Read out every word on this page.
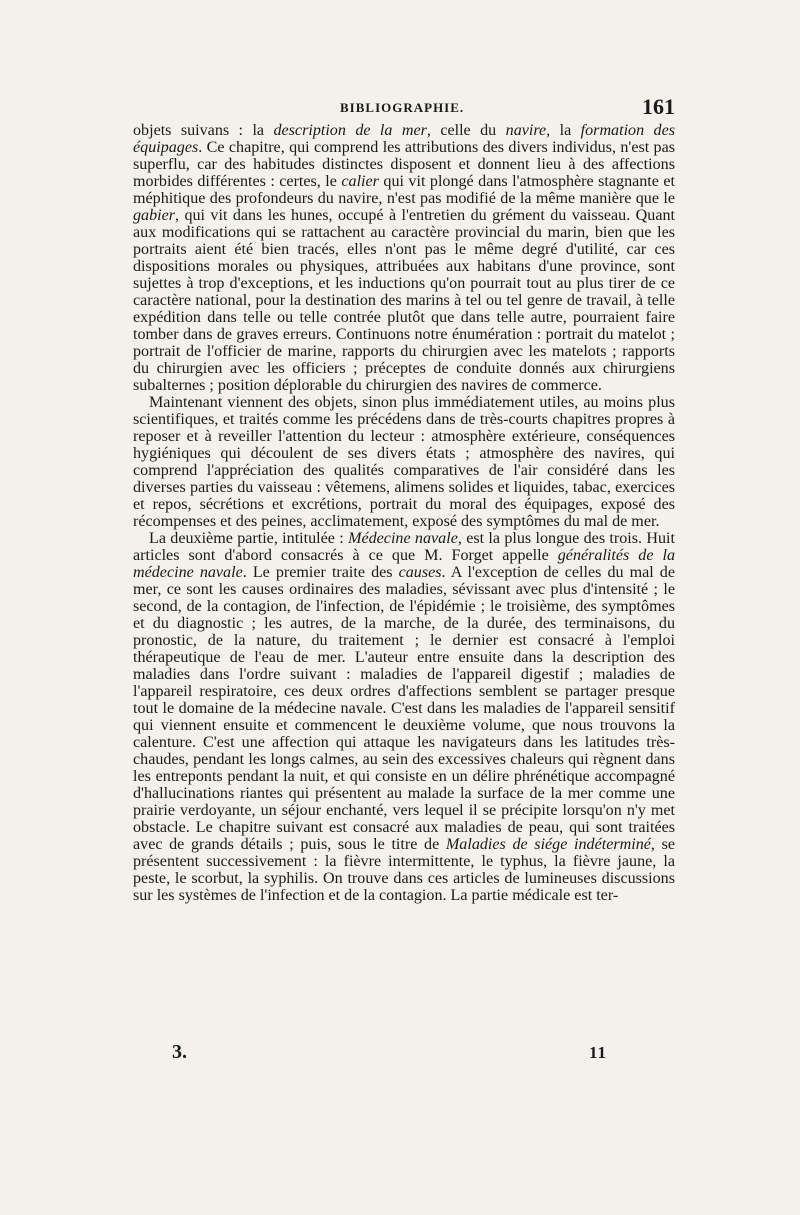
BIBLIOGRAPHIE.	161

objets suivans : la description de la mer, celle du navire, la formation des équipages. Ce chapitre, qui comprend les attributions des divers individus, n'est pas superflu, car des habitudes distinctes disposent et donnent lieu à des affections morbides différentes : certes, le calier qui vit plongé dans l'atmosphère stagnante et méphitique des profondeurs du navire, n'est pas modifié de la même manière que le gabier, qui vit dans les hunes, occupé à l'entretien du grément du vaisseau. Quant aux modifications qui se rattachent au caractère provincial du marin, bien que les portraits aient été bien tracés, elles n'ont pas le même degré d'utilité, car ces dispositions morales ou physiques, attribuées aux habitans d'une province, sont sujettes à trop d'exceptions, et les inductions qu'on pourrait tout au plus tirer de ce caractère national, pour la destination des marins à tel ou tel genre de travail, à telle expédition dans telle ou telle contrée plutôt que dans telle autre, pourraient faire tomber dans de graves erreurs. Continuons notre énumération : portrait du matelot ; portrait de l'officier de marine, rapports du chirurgien avec les matelots ; rapports du chirurgien avec les officiers ; préceptes de conduite donnés aux chirurgiens subalternes ; position déplorable du chirurgien des navires de commerce.

Maintenant viennent des objets, sinon plus immédiatement utiles, au moins plus scientifiques, et traités comme les précédens dans de très-courts chapitres propres à reposer et à reveiller l'attention du lecteur : atmosphère extérieure, conséquences hygiéniques qui découlent de ses divers états ; atmosphère des navires, qui comprend l'appréciation des qualités comparatives de l'air considéré dans les diverses parties du vaisseau : vêtemens, alimens solides et liquides, tabac, exercices et repos, sécrétions et excrétions, portrait du moral des équipages, exposé des récompenses et des peines, acclimatement, exposé des symptômes du mal de mer.

La deuxième partie, intitulée : Médecine navale, est la plus longue des trois. Huit articles sont d'abord consacrés à ce que M. Forget appelle généralités de la médecine navale. Le premier traite des causes. A l'exception de celles du mal de mer, ce sont les causes ordinaires des maladies, sévissant avec plus d'intensité ; le second, de la contagion, de l'infection, de l'épidémie ; le troisième, des symptômes et du diagnostic ; les autres, de la marche, de la durée, des terminaisons, du pronostic, de la nature, du traitement ; le dernier est consacré à l'emploi thérapeutique de l'eau de mer. L'auteur entre ensuite dans la description des maladies dans l'ordre suivant : maladies de l'appareil digestif ; maladies de l'appareil respiratoire, ces deux ordres d'affections semblent se partager presque tout le domaine de la médecine navale. C'est dans les maladies de l'appareil sensitif qui viennent ensuite et commencent le deuxième volume, que nous trouvons la calenture. C'est une affection qui attaque les navigateurs dans les latitudes très-chaudes, pendant les longs calmes, au sein des excessives chaleurs qui règnent dans les entreponts pendant la nuit, et qui consiste en un délire phrénétique accompagné d'hallucinations riantes qui présentent au malade la surface de la mer comme une prairie verdoyante, un séjour enchanté, vers lequel il se précipite lorsqu'on n'y met obstacle. Le chapitre suivant est consacré aux maladies de peau, qui sont traitées avec de grands détails ; puis, sous le titre de Maladies de siége indéterminé, se présentent successivement : la fièvre intermittente, le typhus, la fièvre jaune, la peste, le scorbut, la syphilis. On trouve dans ces articles de lumineuses discussions sur les systèmes de l'infection et de la contagion. La partie médicale est ter-

3.	11
